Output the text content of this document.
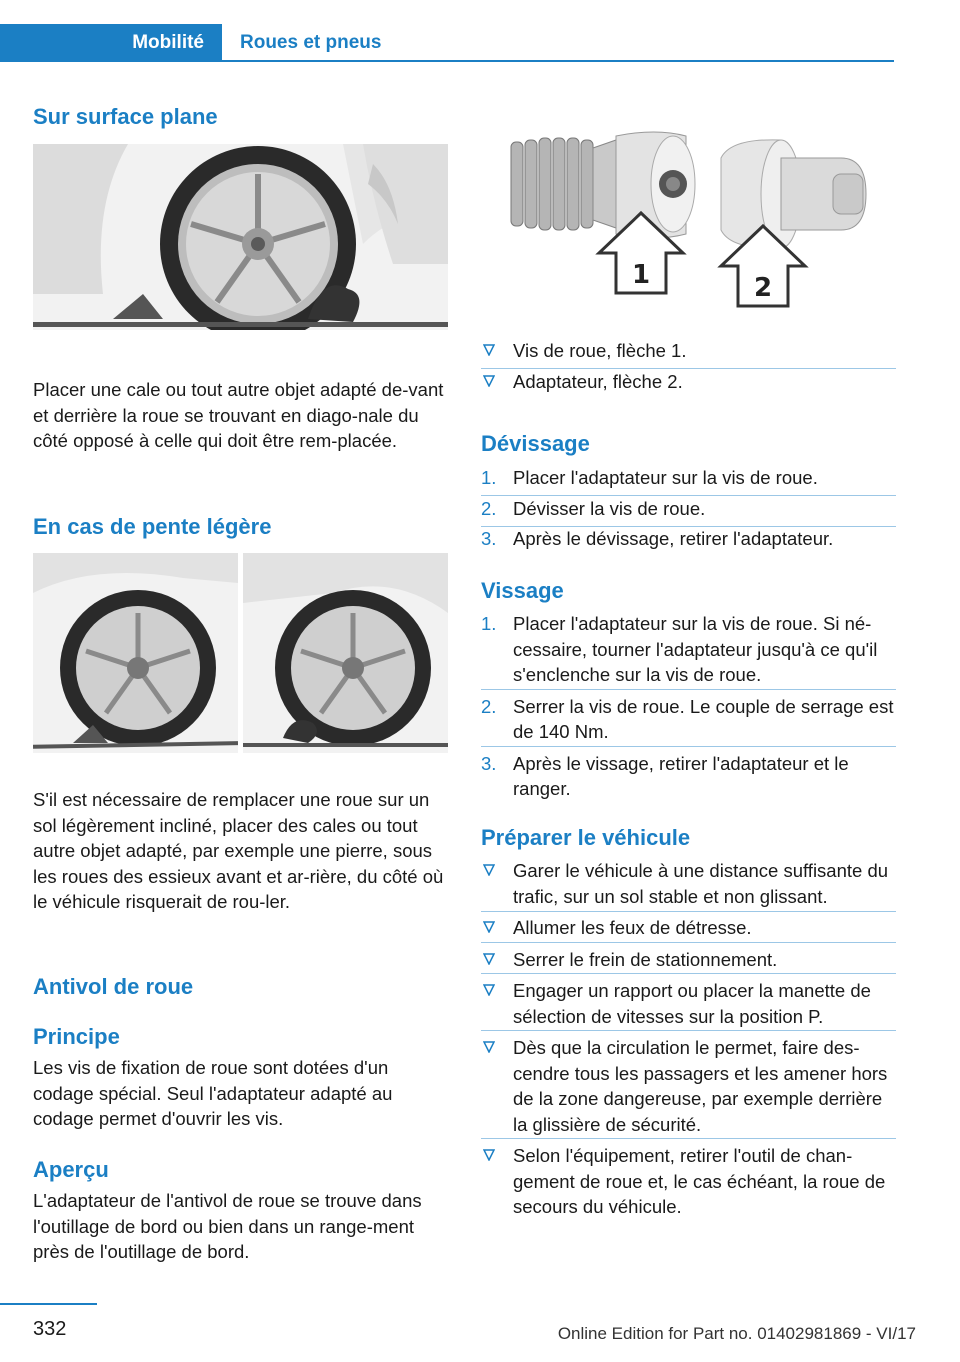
Mobilité	Roues et pneus
Sur surface plane

Placer une cale ou tout autre objet adapté de-vant et derrière la roue se trouvant en diago-nale du côté opposé à celle qui doit être rem-placée.

En cas de pente légère

S'il est nécessaire de remplacer une roue sur un sol légèrement incliné, placer des cales ou tout autre objet adapté, par exemple une pierre, sous les roues des essieux avant et ar-rière, du côté où le véhicule risquerait de rou-ler.

Antivol de roue
Principe

Les vis de fixation de roue sont dotées d'un codage spécial. Seul l'adaptateur adapté au codage permet d'ouvrir les vis.

Aperçu

L'adaptateur de l'antivol de roue se trouve dans l'outillage de bord ou bien dans un range-ment près de l'outillage de bord.

1	2
Vis de roue, flèche 1.
Adaptateur, flèche 2.
Dévissage
1. Placer l'adaptateur sur la vis de roue.
2. Dévisser la vis de roue.
3. Après le dévissage, retirer l'adaptateur.
Vissage
1. Placer l'adaptateur sur la vis de roue. Si né-cessaire, tourner l'adaptateur jusqu'à ce qu'il s'enclenche sur la vis de roue.
2. Serrer la vis de roue. Le couple de serrage est de 140 Nm.
3. Après le vissage, retirer l'adaptateur et le ranger.
Préparer le véhicule
Garer le véhicule à une distance suffisante du trafic, sur un sol stable et non glissant.
Allumer les feux de détresse.
Serrer le frein de stationnement.
Engager un rapport ou placer la manette de sélection de vitesses sur la position P.
Dès que la circulation le permet, faire des-cendre tous les passagers et les amener hors de la zone dangereuse, par exemple derrière la glissière de sécurité.
Selon l'équipement, retirer l'outil de chan-gement de roue et, le cas échéant, la roue de secours du véhicule.
332	Online Edition for Part no. 01402981869 - VI/17
